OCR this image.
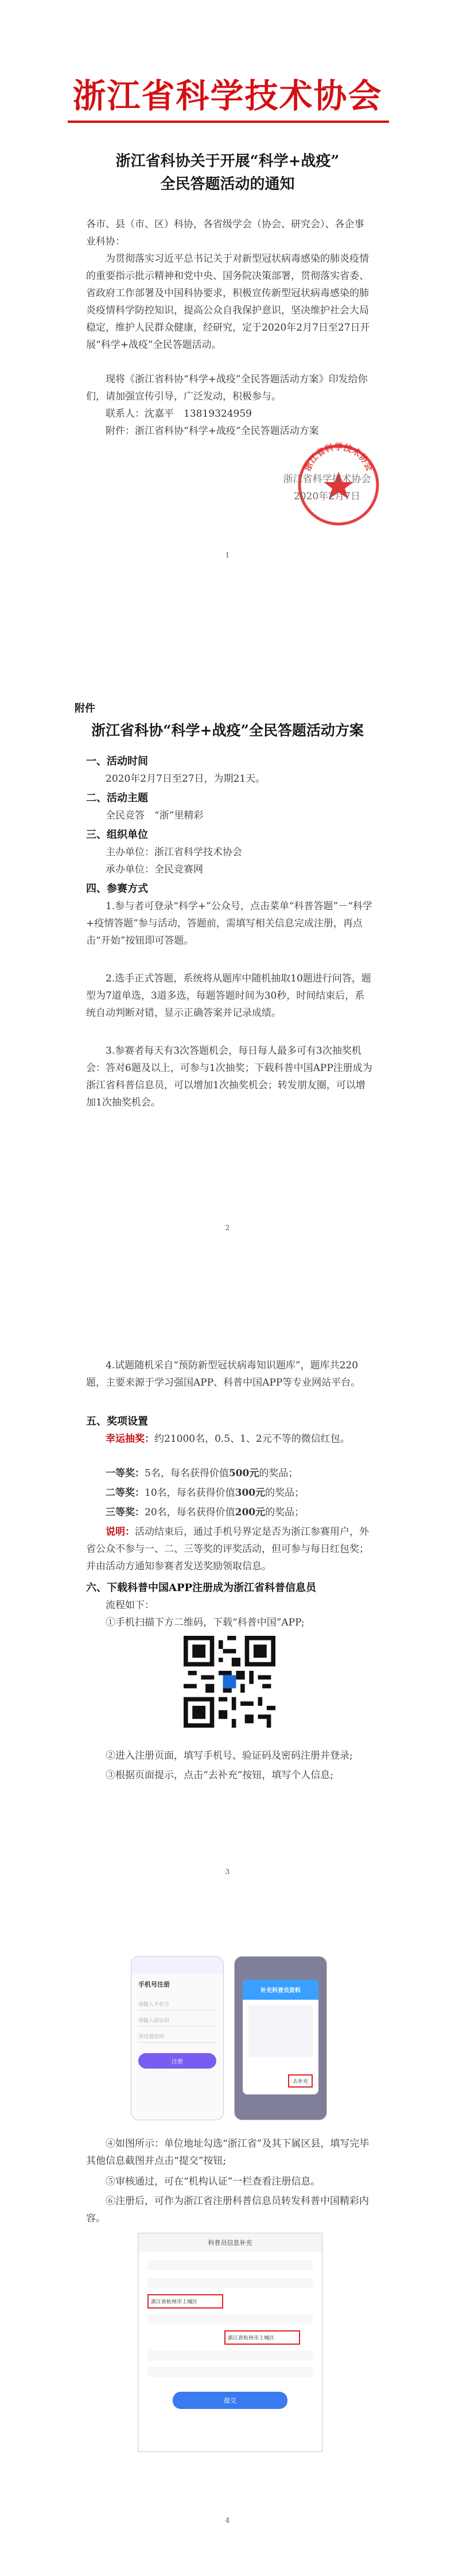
浙江省科学技术协会
浙江省科协关于开展“科学+战疫”
全民答题活动的通知
各市、县（市、区）科协，各省级学会（协会、研究会）、各企事业科协：
为贯彻落实习近平总书记关于对新型冠状病毒感染的肺炎疫情的重要指示批示精神和党中央、国务院决策部署，贯彻落实省委、省政府工作部署及中国科协要求，积极宣传新型冠状病毒感染的肺炎疫情科学防控知识，提高公众自我保护意识，坚决维护社会大局稳定，维护人民群众健康，经研究，定于2020年2月7日至27日开展“科学+战疫”全民答题活动。
现将《浙江省科协“科学+战疫”全民答题活动方案》印发给你们，请加强宣传引导，广泛发动，积极参与。
联系人：沈嘉平　13819324959
附件：浙江省科协“科学+战疫”全民答题活动方案
浙江省科学技术协会
浙江省科学技术协会
2020年2月7日
1
附件
浙江省科协“科学+战疫”全民答题活动方案
一、活动时间
2020年2月7日至27日，为期21天。
二、活动主题
全民竞答　“浙”里精彩
三、组织单位
主办单位：浙江省科学技术协会
承办单位：全民竞赛网
四、参赛方式
1.参与者可登录“科学+”公众号，点击菜单“科普答题”－“科学+疫情答题”参与活动，答题前，需填写相关信息完成注册，再点击“开始”按钮即可答题。
2.选手正式答题，系统将从题库中随机抽取10题进行问答，题型为7道单选，3道多选，每题答题时间为30秒，时间结束后，系统自动判断对错，显示正确答案并记录成绩。
3.参赛者每天有3次答题机会，每日每人最多可有3次抽奖机会：答对6题及以上，可参与1次抽奖；下载科普中国APP注册成为浙江省科普信息员，可以增加1次抽奖机会；转发朋友圈，可以增加1次抽奖机会。
2
4.试题随机采自“预防新型冠状病毒知识题库”，题库共220题，主要来源于学习强国APP、科普中国APP等专业网站平台。
五、奖项设置
幸运抽奖：约21000名，0.5、1、2元不等的微信红包。
一等奖：5名，每名获得价值500元的奖品；
二等奖：10名，每名获得价值300元的奖品；
三等奖：20名，每名获得价值200元的奖品；
说明：活动结束后，通过手机号界定是否为浙江参赛用户，外省公众不参与一、二、三等奖的评奖活动，但可参与每日红包奖；并由活动方通知参赛者发送奖励领取信息。
六、下载科普中国APP注册成为浙江省科普信息员
流程如下：
①手机扫描下方二维码，下载“科普中国”APP;
②进入注册页面，填写手机号、验证码及密码注册并登录;
③根据页面提示，点击“去补充”按钮，填写个人信息;
3
手机号注册
请输入手机号
请输入验证码
请设置密码
注册
补充科普员资料
去补充
④如图所示：单位地址勾选“浙江省”及其下属区县，填写完毕其他信息截图并点击“提交”按钮;
⑤审核通过，可在“机构认证”一栏查看注册信息。
⑥注册后，可作为浙江省注册科普信息员转发科普中国精彩内容。
科普员信息补充
浙江省杭州市上城区
浙江省杭州市上城区
提交
4
